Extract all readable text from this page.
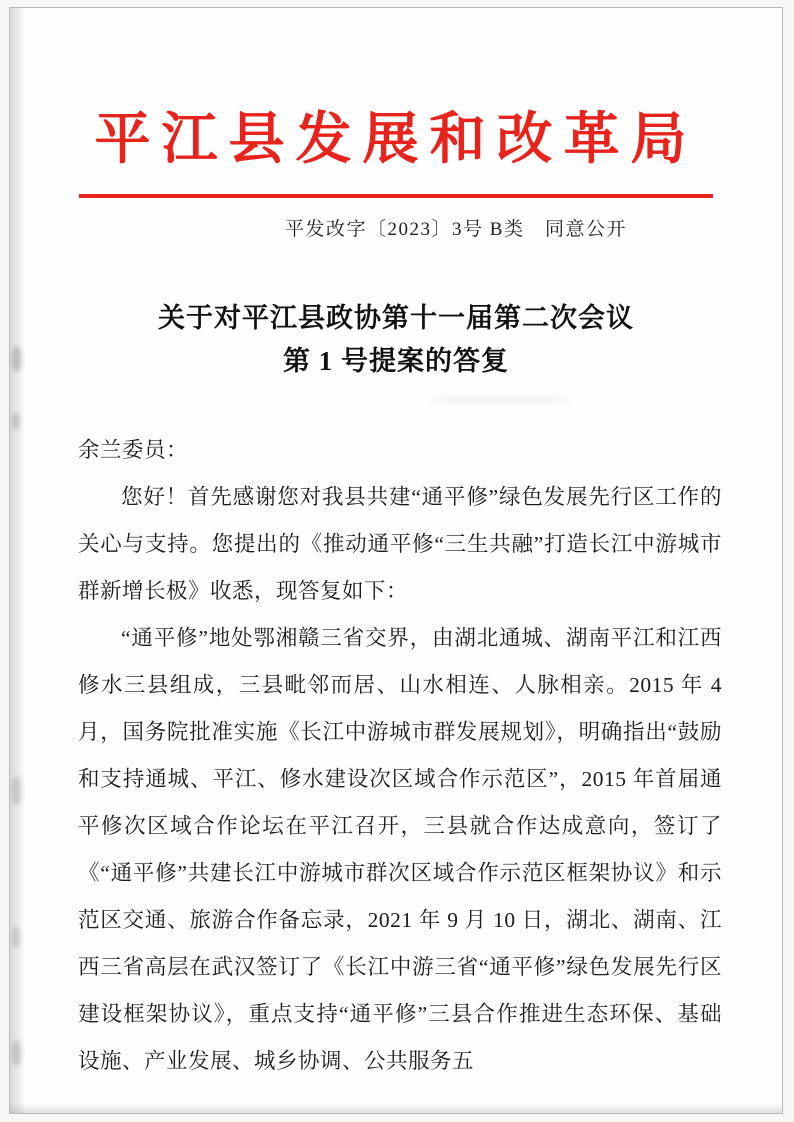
平江县发展和改革局
平发改字〔2023〕3号 B类　同意公开
关于对平江县政协第十一届第二次会议
第 1 号提案的答复

余兰委员：

您好！首先感谢您对我县共建“通平修”绿色发展先行区工作的关心与支持。您提出的《推动通平修“三生共融”打造长江中游城市群新增长极》收悉，现答复如下：

“通平修”地处鄂湘赣三省交界，由湖北通城、湖南平江和江西修水三县组成，三县毗邻而居、山水相连、人脉相亲。2015 年 4 月，国务院批准实施《长江中游城市群发展规划》，明确指出“鼓励和支持通城、平江、修水建设次区域合作示范区”，2015 年首届通平修次区域合作论坛在平江召开，三县就合作达成意向，签订了《“通平修”共建长江中游城市群次区域合作示范区框架协议》和示范区交通、旅游合作备忘录，2021 年 9 月 10 日，湖北、湖南、江西三省高层在武汉签订了《长江中游三省“通平修”绿色发展先行区建设框架协议》，重点支持“通平修”三县合作推进生态环保、基础设施、产业发展、城乡协调、公共服务五
